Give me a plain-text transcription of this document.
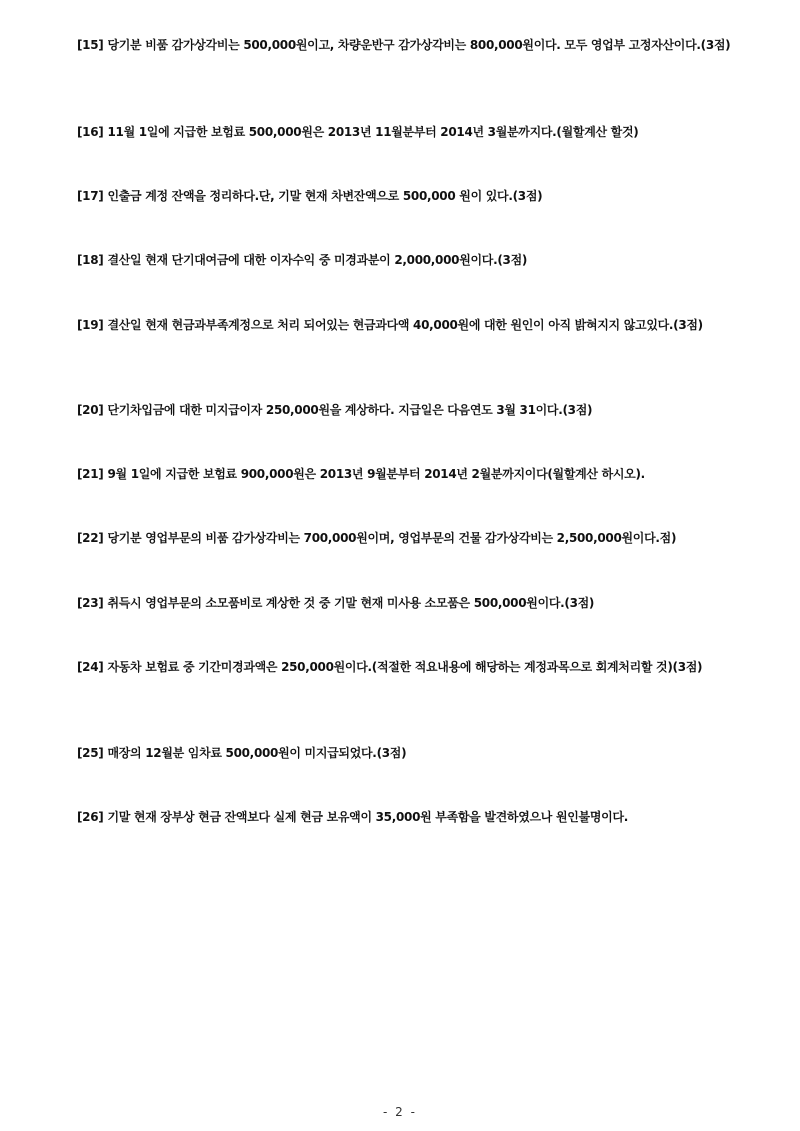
[15] 당기분 비품 감가상각비는 500,000원이고, 차량운반구 감가상각비는 800,000원이다. 모두 영업부 고정자산이다.(3점)
[16] 11월 1일에 지급한 보험료 500,000원은 2013년 11월분부터 2014년 3월분까지다.(월할계산 할것)
[17] 인출금 계정 잔액을 정리하다.단, 기말 현재 차변잔액으로 500,000 원이 있다.(3점)
[18] 결산일 현재 단기대여금에 대한 이자수익 중 미경과분이 2,000,000원이다.(3점)
[19] 결산일 현재 현금과부족계정으로 처리 되어있는 현금과다액 40,000원에 대한 원인이 아직 밝혀지지 않고있다.(3점)
[20] 단기차입금에 대한 미지급이자 250,000원을 계상하다. 지급일은 다음연도 3월 31이다.(3점)
[21] 9월 1일에 지급한 보험료 900,000원은 2013년 9월분부터 2014년 2월분까지이다(월할계산 하시오).
[22] 당기분 영업부문의 비품 감가상각비는 700,000원이며, 영업부문의 건물 감가상각비는 2,500,000원이다.점)
[23] 취득시 영업부문의 소모품비로 계상한 것 중 기말 현재 미사용 소모품은 500,000원이다.(3점)
[24] 자동차 보험료 중 기간미경과액은 250,000원이다.(적절한 적요내용에 해당하는 계정과목으로 회계처리할 것)(3점)
[25] 매장의 12월분 임차료 500,000원이 미지급되었다.(3점)
[26] 기말 현재 장부상 현금 잔액보다 실제 현금 보유액이 35,000원 부족함을 발견하였으나 원인불명이다.
- 2 -
